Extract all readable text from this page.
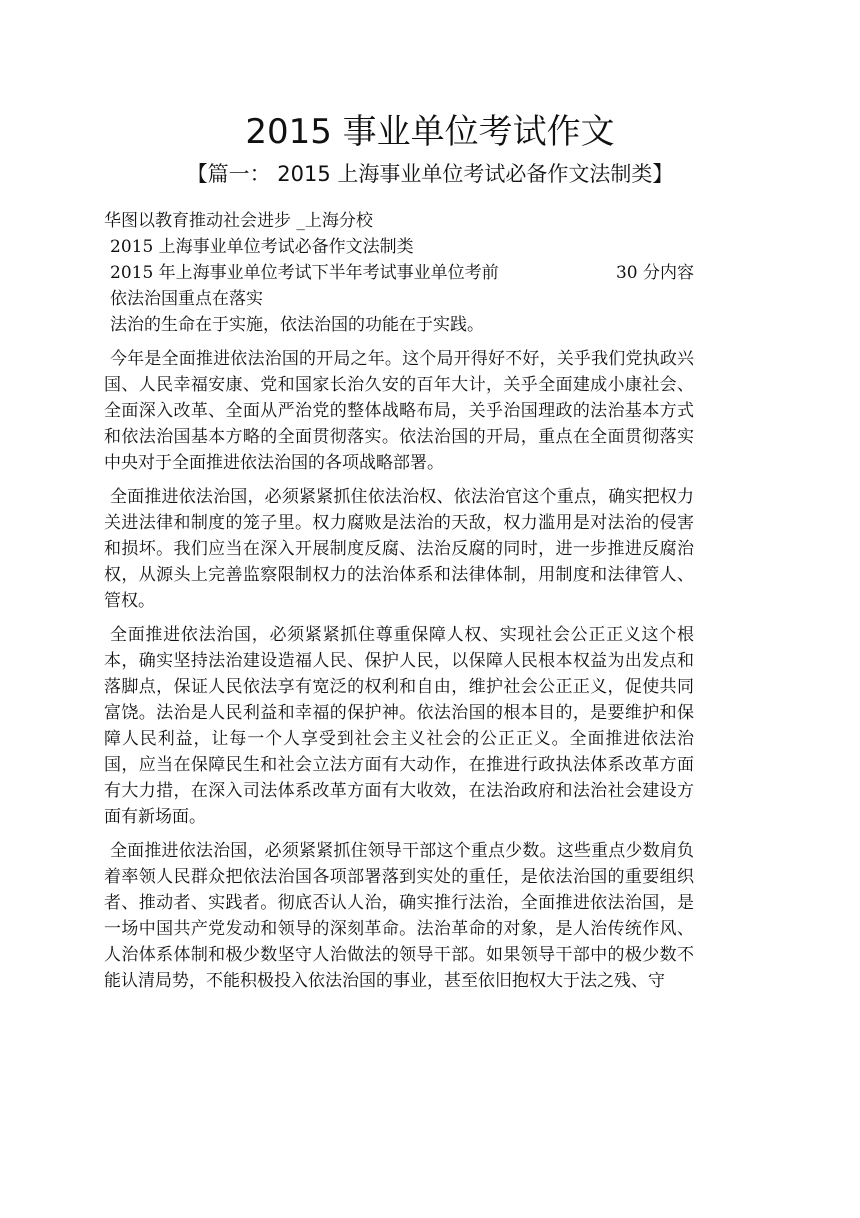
2015 事业单位考试作文
【篇一： 2015 上海事业单位考试必备作文法制类】

华图以教育推动社会进步 _上海分校

2015 上海事业单位考试必备作文法制类

2015 年上海事业单位考试下半年考试事业单位考前	30 分内容

依法治国重点在落实

法治的生命在于实施，依法治国的功能在于实践。

今年是全面推进依法治国的开局之年。这个局开得好不好，关乎我们党执政兴国、人民幸福安康、党和国家长治久安的百年大计，关乎全面建成小康社会、全面深入改革、全面从严治党的整体战略布局，关乎治国理政的法治基本方式和依法治国基本方略的全面贯彻落实。依法治国的开局，重点在全面贯彻落实中央对于全面推进依法治国的各项战略部署。

全面推进依法治国，必须紧紧抓住依法治权、依法治官这个重点，确实把权力关进法律和制度的笼子里。权力腐败是法治的天敌，权力滥用是对法治的侵害和损坏。我们应当在深入开展制度反腐、法治反腐的同时，进一步推进反腐治权，从源头上完善监察限制权力的法治体系和法律体制，用制度和法律管人、管权。

全面推进依法治国，必须紧紧抓住尊重保障人权、实现社会公正正义这个根本，确实坚持法治建设造福人民、保护人民，以保障人民根本权益为出发点和落脚点，保证人民依法享有宽泛的权利和自由，维护社会公正正义，促使共同富饶。法治是人民利益和幸福的保护神。依法治国的根本目的，是要维护和保障人民利益，让每一个人享受到社会主义社会的公正正义。全面推进依法治国，应当在保障民生和社会立法方面有大动作，在推进行政执法体系改革方面有大力措，在深入司法体系改革方面有大收效，在法治政府和法治社会建设方面有新场面。

全面推进依法治国，必须紧紧抓住领导干部这个重点少数。这些重点少数肩负着率领人民群众把依法治国各项部署落到实处的重任，是依法治国的重要组织者、推动者、实践者。彻底否认人治，确实推行法治，全面推进依法治国，是一场中国共产党发动和领导的深刻革命。法治革命的对象，是人治传统作风、人治体系体制和极少数坚守人治做法的领导干部。如果领导干部中的极少数不能认清局势，不能积极投入依法治国的事业，甚至依旧抱权大于法之残、守
